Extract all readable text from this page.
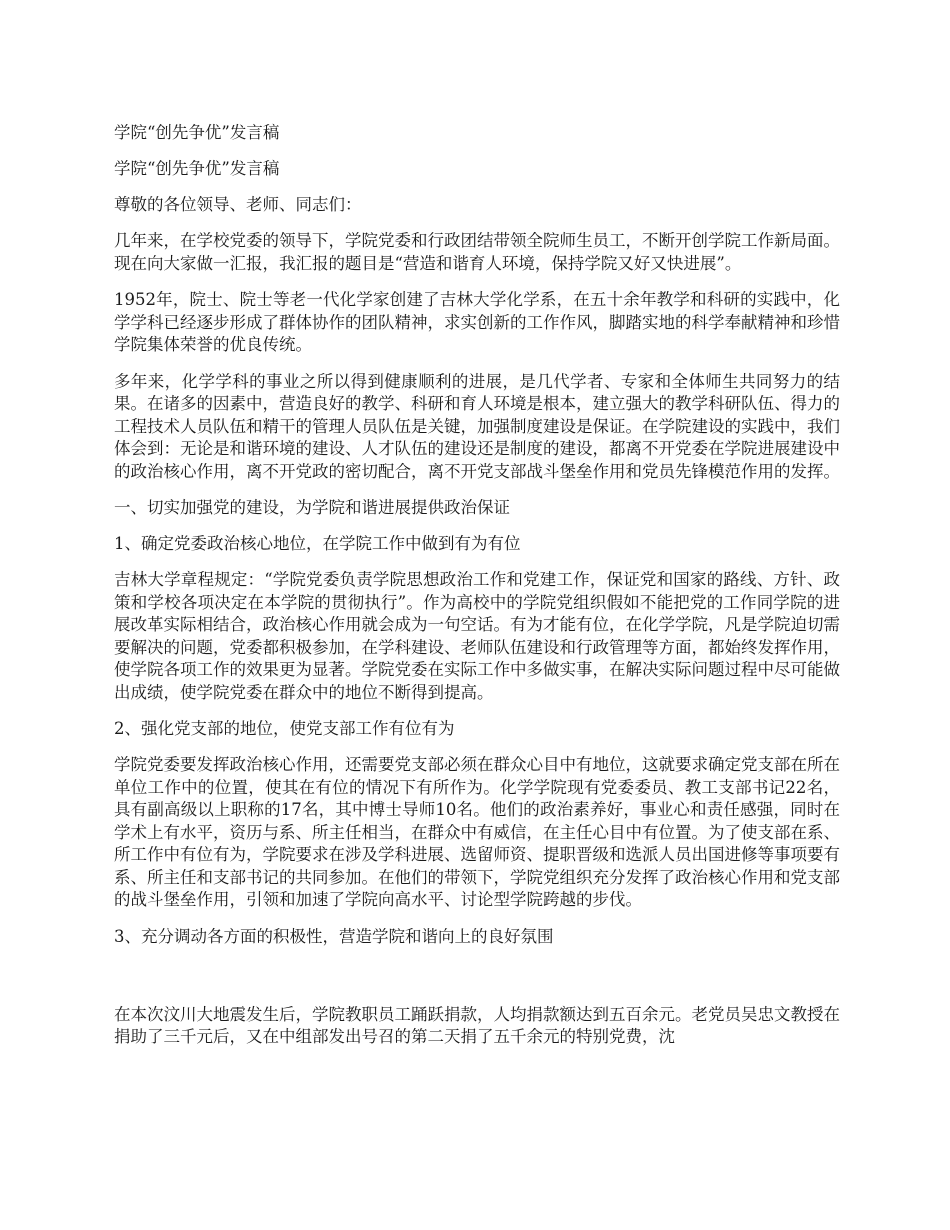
学院“创先争优”发言稿

学院“创先争优”发言稿

尊敬的各位领导、老师、同志们：

几年来，在学校党委的领导下，学院党委和行政团结带领全院师生员工，不断开创学院工作新局面。现在向大家做一汇报，我汇报的题目是“营造和谐育人环境，保持学院又好又快进展”。

1952年，院士、院士等老一代化学家创建了吉林大学化学系，在五十余年教学和科研的实践中，化学学科已经逐步形成了群体协作的团队精神，求实创新的工作作风，脚踏实地的科学奉献精神和珍惜学院集体荣誉的优良传统。

多年来，化学学科的事业之所以得到健康顺利的进展，是几代学者、专家和全体师生共同努力的结果。在诸多的因素中，营造良好的教学、科研和育人环境是根本，建立强大的教学科研队伍、得力的工程技术人员队伍和精干的管理人员队伍是关键，加强制度建设是保证。在学院建设的实践中，我们体会到：无论是和谐环境的建设、人才队伍的建设还是制度的建设，都离不开党委在学院进展建设中的政治核心作用，离不开党政的密切配合，离不开党支部战斗堡垒作用和党员先锋模范作用的发挥。

一、切实加强党的建设，为学院和谐进展提供政治保证

1、确定党委政治核心地位，在学院工作中做到有为有位

吉林大学章程规定：“学院党委负责学院思想政治工作和党建工作，保证党和国家的路线、方针、政策和学校各项决定在本学院的贯彻执行”。作为高校中的学院党组织假如不能把党的工作同学院的进展改革实际相结合，政治核心作用就会成为一句空话。有为才能有位，在化学学院，凡是学院迫切需要解决的问题，党委都积极参加，在学科建设、老师队伍建设和行政管理等方面，都始终发挥作用，使学院各项工作的效果更为显著。学院党委在实际工作中多做实事，在解决实际问题过程中尽可能做出成绩，使学院党委在群众中的地位不断得到提高。

2、强化党支部的地位，使党支部工作有位有为

学院党委要发挥政治核心作用，还需要党支部必须在群众心目中有地位，这就要求确定党支部在所在单位工作中的位置，使其在有位的情况下有所作为。化学学院现有党委委员、教工支部书记22名，具有副高级以上职称的17名，其中博士导师10名。他们的政治素养好，事业心和责任感强，同时在学术上有水平，资历与系、所主任相当，在群众中有威信，在主任心目中有位置。为了使支部在系、所工作中有位有为，学院要求在涉及学科进展、选留师资、提职晋级和选派人员出国进修等事项要有系、所主任和支部书记的共同参加。在他们的带领下，学院党组织充分发挥了政治核心作用和党支部的战斗堡垒作用，引领和加速了学院向高水平、讨论型学院跨越的步伐。

3、充分调动各方面的积极性，营造学院和谐向上的良好氛围

在本次汶川大地震发生后，学院教职员工踊跃捐款，人均捐款额达到五百余元。老党员吴忠文教授在捐助了三千元后，又在中组部发出号召的第二天捐了五千余元的特别党费，沈
